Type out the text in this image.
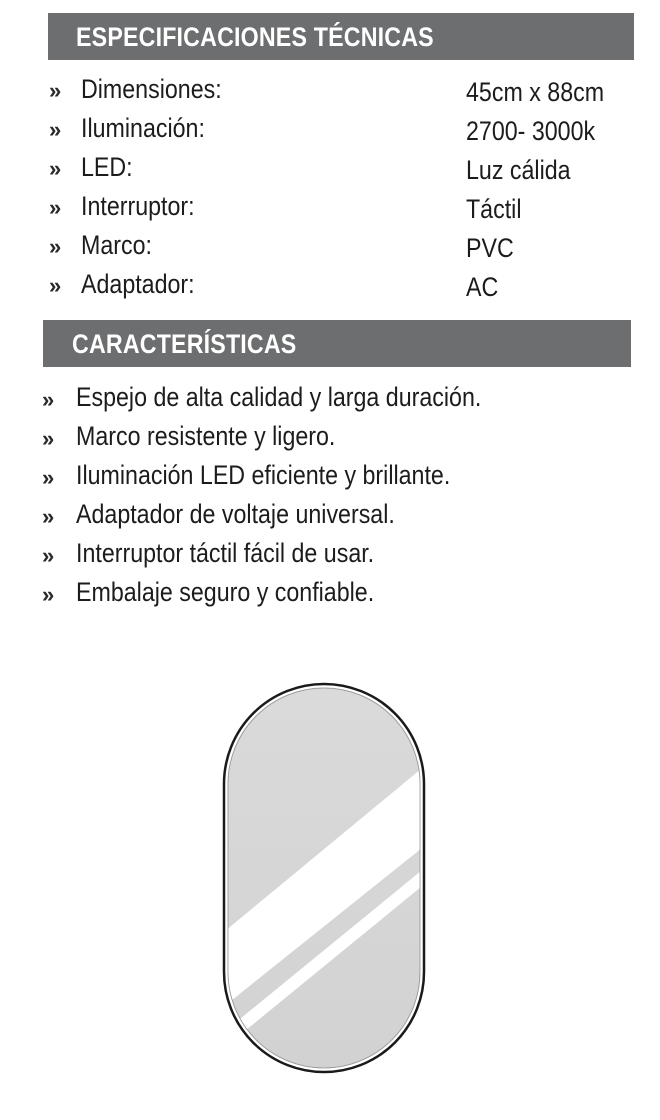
ESPECIFICACIONES TÉCNICAS
» Dimensiones:	45cm x 88cm
» Iluminación:	2700- 3000k
» LED:	Luz cálida
» Interruptor:	Táctil
» Marco:	PVC
» Adaptador:	AC
CARACTERÍSTICAS
» Espejo de alta calidad y larga duración.
» Marco resistente y ligero.
» Iluminación LED eficiente y brillante.
» Adaptador de voltaje universal.
» Interruptor táctil fácil de usar.
» Embalaje seguro y confiable.
